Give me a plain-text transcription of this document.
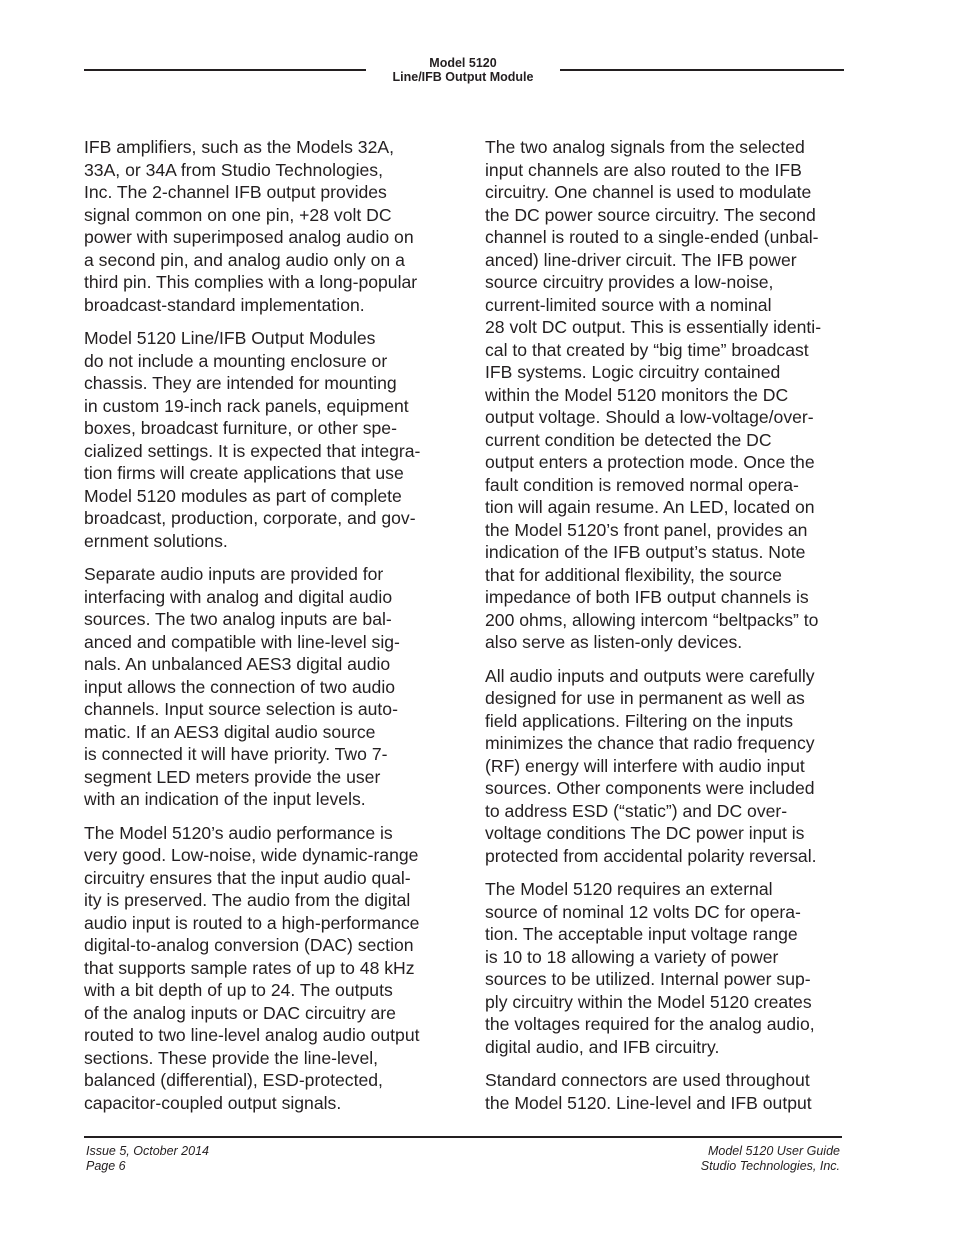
Model 5120
Line/IFB Output Module

IFB amplifiers, such as the Models 32A,
33A, or 34A from Studio Technologies,
Inc. The 2-channel IFB output provides
signal common on one pin, +28 volt DC
power with superimposed analog audio on
a second pin, and analog audio only on a
third pin. This complies with a long-popular
broadcast-standard implementation.

Model 5120 Line/IFB Output Modules
do not include a mounting enclosure or
chassis. They are intended for mounting
in custom 19-inch rack panels, equipment
boxes, broadcast furniture, or other spe-
cialized settings. It is expected that integra-
tion firms will create applications that use
Model 5120 modules as part of complete
broadcast, production, corporate, and gov-
ernment solutions.

Separate audio inputs are provided for
interfacing with analog and digital audio
sources. The two analog inputs are bal-
anced and compatible with line-level sig-
nals. An unbalanced AES3 digital audio
input allows the connection of two audio
channels. Input source selection is auto-
matic. If an AES3 digital audio source
is connected it will have priority. Two 7-
segment LED meters provide the user
with an indication of the input levels.

The Model 5120’s audio performance is
very good. Low-noise, wide dynamic-range
circuitry ensures that the input audio qual-
ity is preserved. The audio from the digital
audio input is routed to a high-performance
digital-to-analog conversion (DAC) section
that supports sample rates of up to 48 kHz
with a bit depth of up to 24. The outputs
of the analog inputs or DAC circuitry are
routed to two line-level analog audio output
sections. These provide the line-level,
balanced (differential), ESD-protected,
capacitor-coupled output signals.

The two analog signals from the selected
input channels are also routed to the IFB
circuitry. One channel is used to modulate
the DC power source circuitry. The second
channel is routed to a single-ended (unbal-
anced) line-driver circuit. The IFB power
source circuitry provides a low-noise,
current-limited source with a nominal
28 volt DC output. This is essentially identi-
cal to that created by “big time” broadcast
IFB systems. Logic circuitry contained
within the Model 5120 monitors the DC
output voltage. Should a low-voltage/over-
current condition be detected the DC
output enters a protection mode. Once the
fault condition is removed normal opera-
tion will again resume. An LED, located on
the Model 5120’s front panel, provides an
indication of the IFB output’s status. Note
that for additional flexibility, the source
impedance of both IFB output channels is
200 ohms, allowing intercom “beltpacks” to
also serve as listen-only devices.

All audio inputs and outputs were carefully
designed for use in permanent as well as
field applications. Filtering on the inputs
minimizes the chance that radio frequency
(RF) energy will interfere with audio input
sources. Other components were included
to address ESD (“static”) and DC over-
voltage conditions The DC power input is
protected from accidental polarity reversal.

The Model 5120 requires an external
source of nominal 12 volts DC for opera-
tion. The acceptable input voltage range
is 10 to 18 allowing a variety of power
sources to be utilized. Internal power sup-
ply circuitry within the Model 5120 creates
the voltages required for the analog audio,
digital audio, and IFB circuitry.

Standard connectors are used throughout
the Model 5120. Line-level and IFB output

Issue 5, October 2014
Page 6
Model 5120 User Guide
Studio Technologies, Inc.
